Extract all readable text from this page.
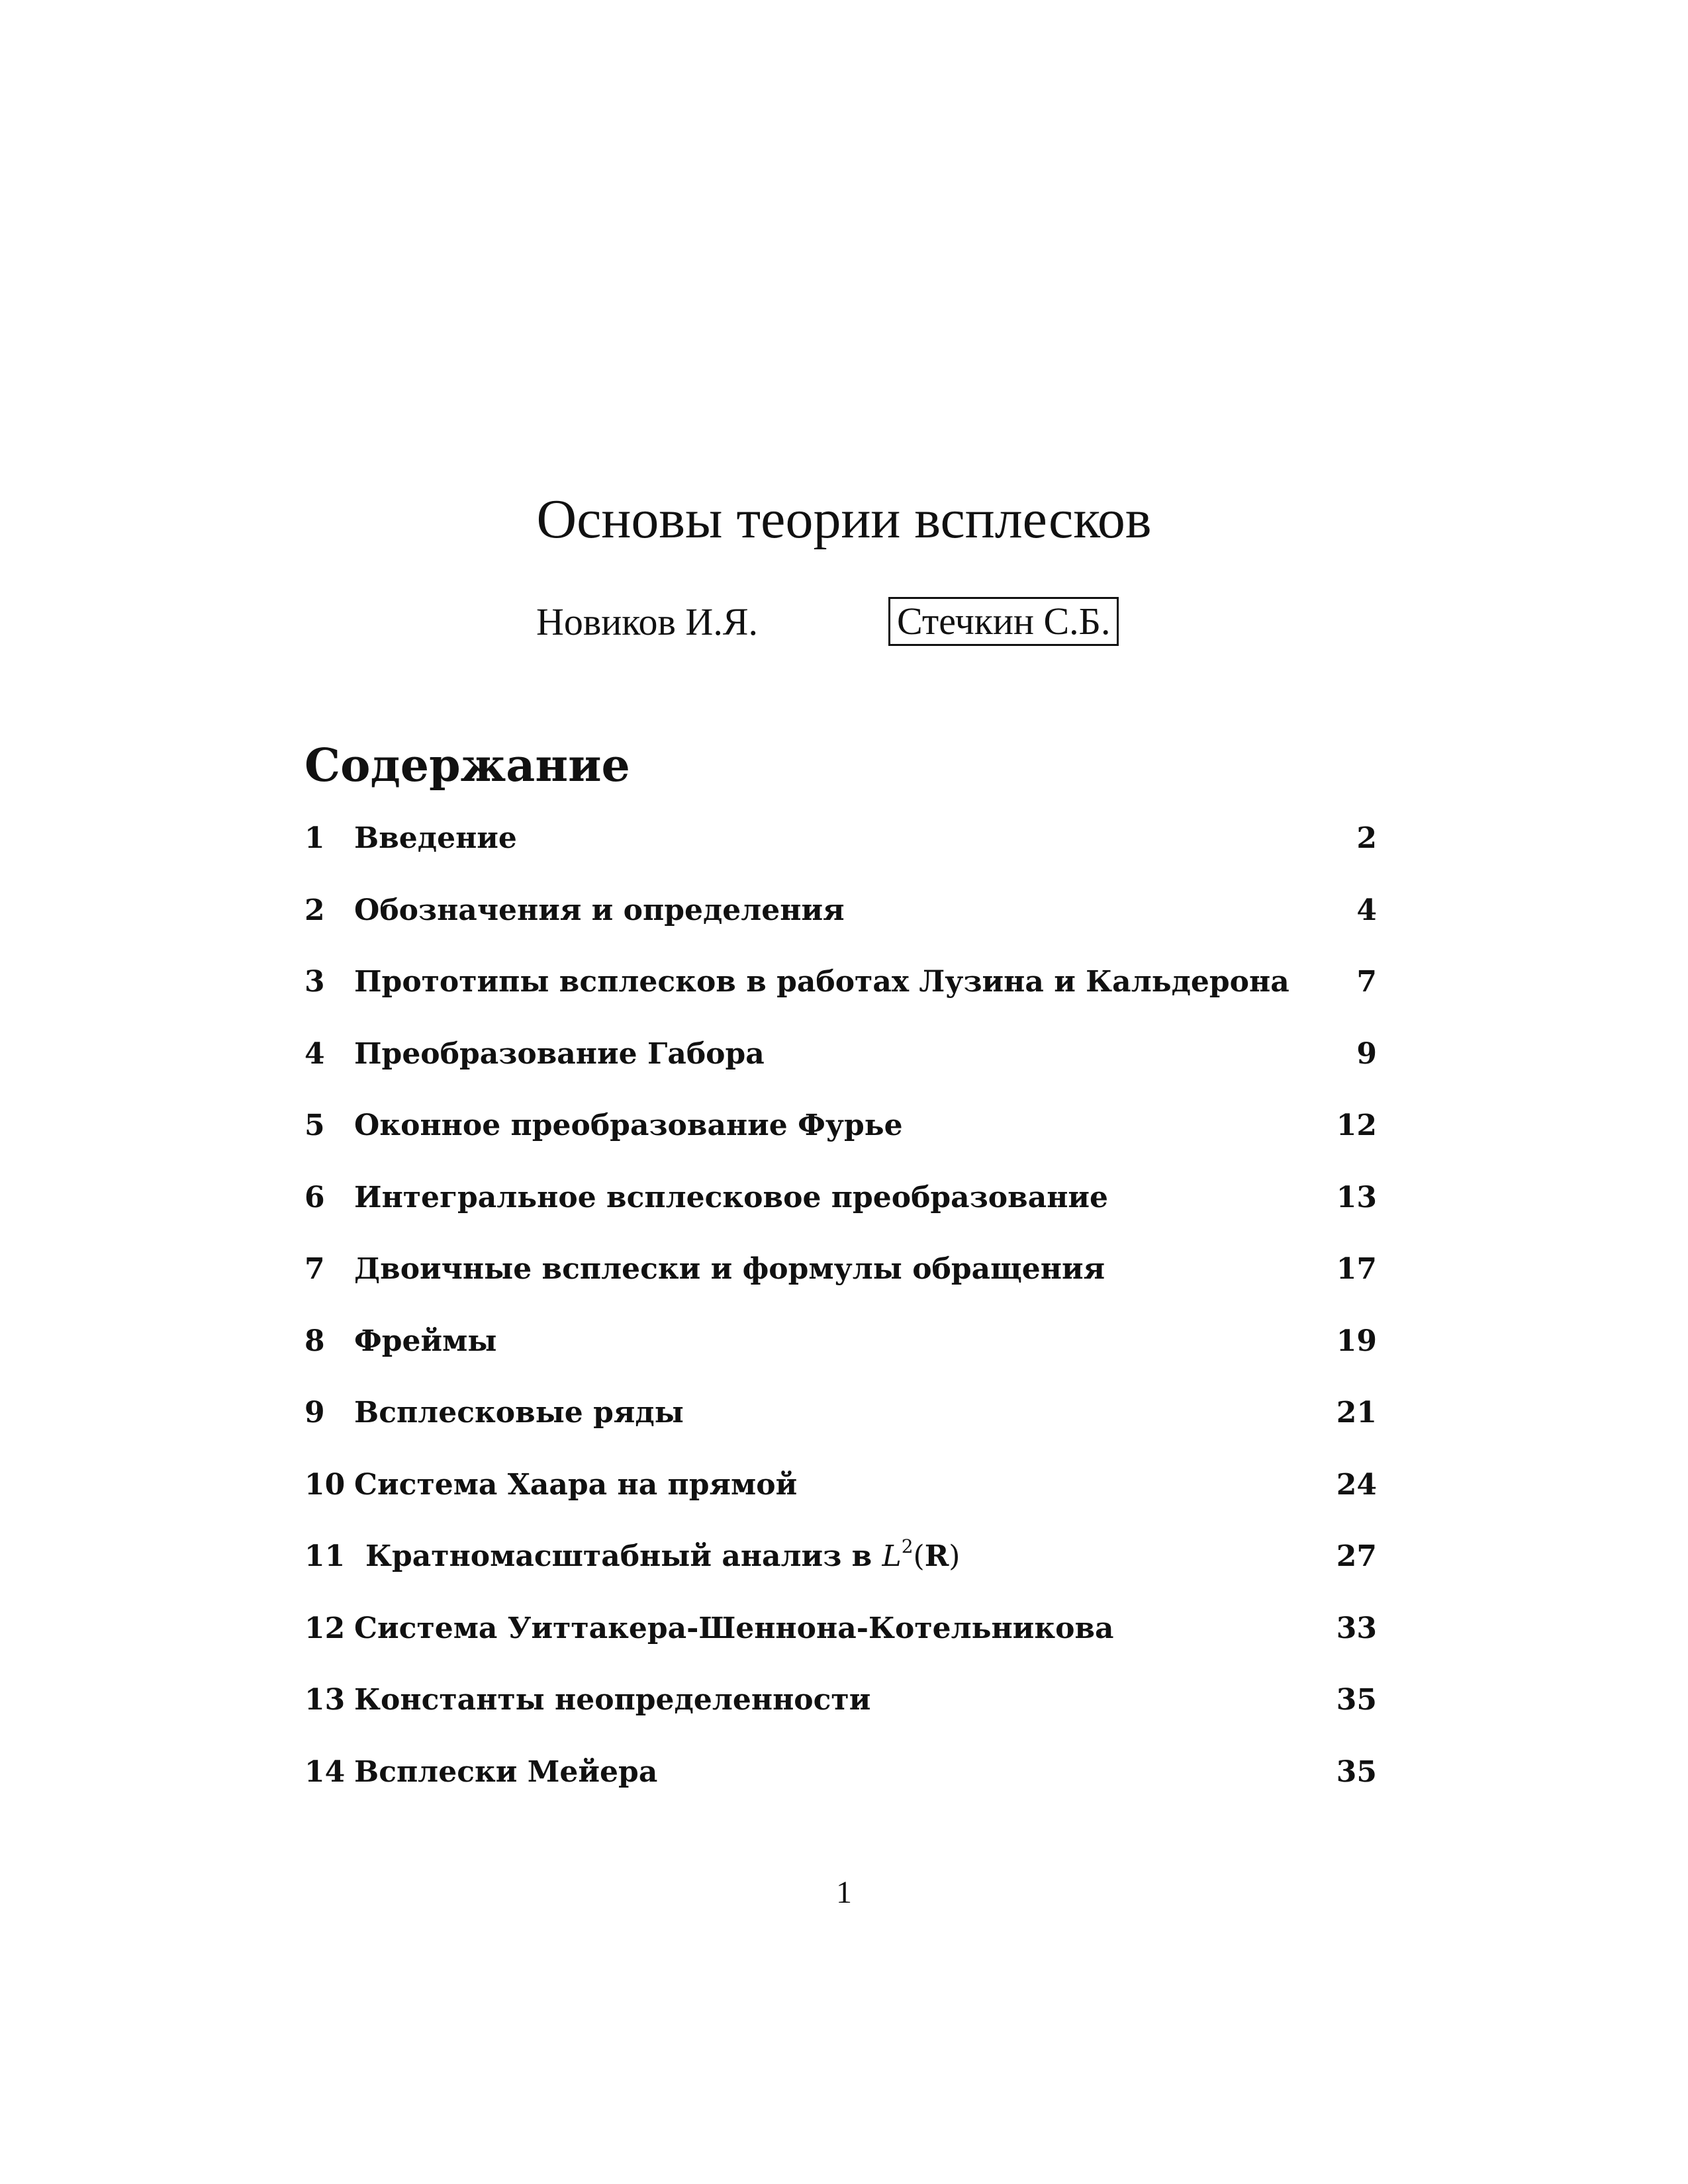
Основы теории всплесков
Новиков И.Я.	Стечкин С.Б.
Содержание
1 Введение	2
2 Обозначения и определения	4
3 Прототипы всплесков в работах Лузина и Кальдерона 7
4 Преобразование Габора	9
5 Оконное преобразование Фурье	12
6 Интегральное всплесковое преобразование	13
7 Двоичные всплески и формулы обращения	17
8 Фреймы	19
9 Всплесковые ряды	21
10 Система Хаара на прямой	24
11 Кратномасштабный анализ в $L^2(R)$	27
12 Система Уиттакера-Шеннона-Котельникова	33
13 Константы неопределенности	35
14 Всплески Мейера	35
1
